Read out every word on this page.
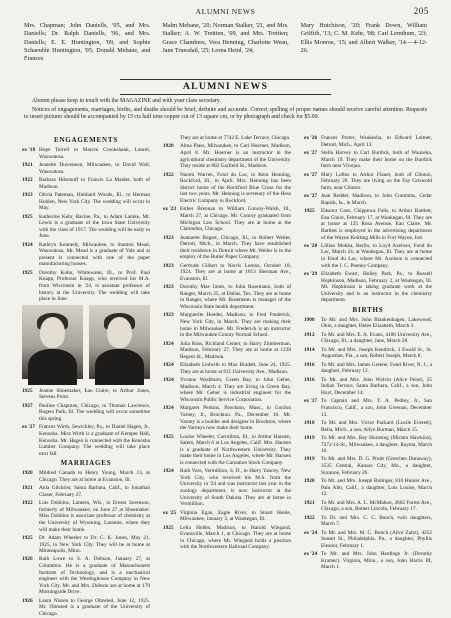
ALUMNI NEWS	205
Mrs. Chapman; John Daniells, '05, and Mrs. Daniells; Dr. Ralph Daniells, '96, and Mrs. Daniells; E. E. Huntington, '09, and Sophie Schaeuble Huntington, '05; Donald Mebane, and Frances
Malm Mebane, '20; Norman Stalker, '21, and Mrs. Stalker; A. W. Trettien, '09, and Mrs. Trettien; Grace Chambers, Vera Henning, Charlotte Wean, Jane Truesdail, '25; Lorna Heinl, '24;
Mary Hutchison, '20; Frank Down, William Griffith, '13; C. M. Kehr, '08; Carl Lemthum, '23; Ellis Monroe, '15; and Albert Walker, '14.—4-12-26.
ALUMNI NEWS

Alumni please keep in touch with the MAGAZINE and with your class secretary.

Notices of engagements, marriages, births, and deaths should be brief, definite and accurate. Correct spelling of proper names should receive careful attention. Requests to insert pictures should be accompanied by 15 cts half tone copper cut of 13 square cm, or by photograph and check for $5.00.

ENGAGEMENTS
ex '18 Hope Terrell to Marvin Crookshank, Laurel, Wauwatosa.
1921	Jeanette Duweneon, Milwaukee, to David Wall, Wauwatosa.
1922	Barbara Hilsenoff to Francis La Maider, both of Madison.
1923	Olivia Pateman, Hubbard Woods, Ill., to Herman Hohlen, New York City. The wedding will occur in May.
1925	Katherine Kehr, Racine, Pa., to Adam Lamke, Mt. Lewis is a graduate of the Iowa State University with the class of 1917. The wedding will be early in June.
1924	Kathryn Kennedy, Milwaukee, to Stanton Mead, Wauwatosa, Mr. Mead is a graduate of Yale and at present is connected with one of the paper manufacturing houses.
1925	Dorothy Kuhn, Whitewater, Ill., to Prof. Paul Knapp, Professor Knapp, who received his M.A. from Wisconsin in '24, is assistant professor of history at the University. The wedding will take place in June.
1925	Jeanne Shoemaker, Eau Claire, to Arthur Jones, Stevens Point.
1927	Pauline Chapman, Chicago, to Thomas Lawrence, Rogers Park, Ill. The wedding will occur sometime this spring.
ex '27 Frances Wirth, Sewickley, Pa., to Daniel Hagen, Jr., Kenosha. Miss Wirth is a graduate of Kemper Hall, Kenosha. Mr. Hagen is connected with the Kenosha Lumber Company. The wedding will take place next fall.
MARRIAGES
1920	Mildred Canada to Henry Young, March 13, at Chicago. They are at home at Evanston, Ill.
1921	Aida Gilchrist, Santa Barbara, Calif., to Jonathan Glaser, February 27.
1922	Lois Dobbins, Lantern, Wis., to Ernest Sorenson, formerly of Milwaukee, on June 27 at Shoemaker. Miss Dobbins is associate professor of chemistry at the University of Wyoming, Laramie, where they will make their home.
1925	Dr. Adam Wheeler to Dr. C. K. Jones, May 21, 1925, in New York City. They will be at home at Minneapolis, Minn.
1926	Ruth Lowe to S. A. Dobson, January 27, at Columbus. He is a graduate of Massachusetts Institute of Technology, and is a mechanical engineer with the Westinghouse Company in New York City. Mr. and Mrs. Dobson are at home at 170 Morningside Drive.
1926	Laura Nissen to George Olmsted, June 12, 1925. Mr. Olmsted is a graduate of the University of Chicago.
They are at home at 7742 E. Lake Terrace, Chicago.
1920	Alma Plass, Milwaukee, to Carl Hoerner, Madison, April 8. Mr. Hoerner is an instructor in the agricultural chemistry department of the University. They reside at 802 Garfield St., Madison.
1922	Naomi Warren, Fond du Lac, to Kent Henning, Rockford, Ill., in April. Mrs. Henning has been district home of the Rockford Blue Cross for the last two years. Mr. Henning is secretary of the Hess Electric Company in Rockford.
ex '23 Esther Brennan to William Conroy-Walsh, Ill., March 27, at Chicago. Mr. Conroy graduated from Michigan Law School. They are at home at the Clarendon, Chicago.
1923	Jeannette Bogart, Chicago, Ill., to Robert Weiler, Detroit, Mich., in March. They have established their residence in Detroit where Mr. Weiler is in the employ of the Butler Paper Company.
1923	Gertrude Gilbert to Norris Lorenz, October 18, 1924. They are at home at 1013 Sherman Ave., Evanston, Ill.
1923	Dorothy Mae Jones, to John Rosemann, both of Ranger, March 25, at Dallas, Tex. They are at home in Ranger, where Mr. Rosemann is manager of the Wisconsin State health department.
1923	Marguerite Hoeder, Madison, to Fred Frederick, New York City, in March. They are making their home in Milwaukee. Mr. Frederick is an instructor in the Milwaukee County Normal School.
1924	Julia Ross, Richland Center, to Harry Zimmerman, Madison, February 27. They are at home at 1228 Regent St., Madison.
1924	Elizabeth Ledwith to Max Bradett, June 24, 1925. They are at home at 611 University Ave., Madison.
1924	Yvonne Washburn, Green Bay, to John Geber, Madison, March 4. They are living in Green Bay, where Mr. Geber is industrial engineer for the Wisconsin Public Service Corporation.
1924	Margaret Perkins, Brockton, Mass., to Gordon Varney, Jr., Brockton. Pa., December 16. Mr. Varney is a builder and designer in Brockton, where the Varneys now make their home.
1925	Louise Wheeler, Carrollton, Ill., to Arthur Hansen, Salem, March 6 at Los Angeles, Calif. Mrs. Hansen is a graduate of Northwestern University. They make their home in Los Angeles, where Mr. Hansen is connected with the Carnation Stock Company.
1924	Ruth Voss, Vermillion, S. D., to Harry Yancey, New York City, who received his M.S. from the University in '24 and was instructor last year in the zoology department, is now instructor at the University of South Dakota. They are at home in Vermillion.
ex '25 Virginia Egan, Eagle River, to Stuart Heide, Milwaukee, January 3, at Waukegan, Ill.
1925	Lelia Hobbs, Madison, to Harold Wiegand, Evansville, March 1, at Chicago. They are at home in Chicago, where Mr. Wiegand holds a position with the Northwestern Railroad Company.
ex '26 Frances Porter, Waukesha, to Edward Leitner, Detroit, Mich., April 13.
ex '27 Stella Harvey to Carl Burdick, both of Wauzeka, March 19. They make their home on the Burdick farm near Viroqua.
ex '27 Mary Loftus to Arthur Flauer, both of Clinton, February 20. They are living on the Fay Griswold farm, near Clinton.
ex '27 Jean Reddel, Madison, to John Cummins, Cedar Rapids, Ia., in March.
1925	Eleanor Coss, Chippewa Falls, to Arthur Bartlett, Eau Claire, February 17, at Waukegan, Ill. They are at home at 125 Rosa Avenue, Eau Claire. Mr. Bartlett is employed in the advertising department of the Wayne Knitting Mills in Fort Wayne, Ind.
ex '28 Lillian Mokka, Berlin, to Loyd Axelson, Fond du Lac, March 24, at Waukegan, Ill. They are at home in Fond du Lac, where Mr. Axelson is connected with the J. C. Penney Company.
ex '29 Elizabeth Ewart, Holley Park, Pa., to Russell Hopkinson, Madison, February 2, at Waukegan, Ill. Mr. Hopkinson is taking graduate work at the University and is an instructor in the chemistry department.
BIRTHS
1908	To Mr. and Mrs. John Blankenhagen, Lakewood, Ohio, a daughter, Helen Elizabeth, March 3.
1912	To Mr. and Mrs. E. A. Evans, 4106 University Ave., Chicago, Ill., a daughter, Jane, March 28.
1914	To Mr. and Mrs. Joseph Kendrick, 3 Ewald St., St. Augustine, Fla., a son, Robert Joseph, March 8.
1916	To Mr. and Mrs. James Greene, Fond River, N. J., a daughter, February 12.
1916	To Mr. and Mrs. John Wolvin (Alice Pelot), 25 Indian Terrace, Santa Barbara, Calif., a son, John Hoyt, December 14.
ex '17 To Captain and Mrs. T. A. Pedley, Jr., San Francisco, Calif., a son, John Greenan, December 13.
1918	To Mr. and Mrs. Victor Packard (Lucile Everett), Bella, Mich., a son, Allyn Burman, March 15.
1919	To Mr. and Mrs. Ray Hornsing (Miriam Hawkins), 7272-14-St., Milwaukee, a daughter, Rayma, March 16.
1919	To Mr. and Mrs. D. G. Pruitt (Gretchen Dunaway), 3535 Central, Kansas City, Mo., a daughter, Suzanne, February 26.
1920	To Mr. and Mrs. Joseph Bolinger, 816 Hunter Ave., Palo Alto, Calif., a daughter, Lois Louise, March 12.
1921	To Mr. and Mrs. A. L. McMahon, 3602 Forest Ave., Chicago, a son, Robert Lincoln, February 17.
1922	To Dr. and Mrs. C. C. Bunch, twin daughters, March 7.
ex '24 To Mr. and Mrs. M. C. Bunch (Alice Zaitz), 4252 Sunset St., Philadelphia, Pa., a daughter, Phyllis Eleanor, February 1.
ex '24 To Mr. and Mrs. John Hardinge Jr. (Dorothy Kramer), Virginia, Minn., a son, John Harris III, March 1.
